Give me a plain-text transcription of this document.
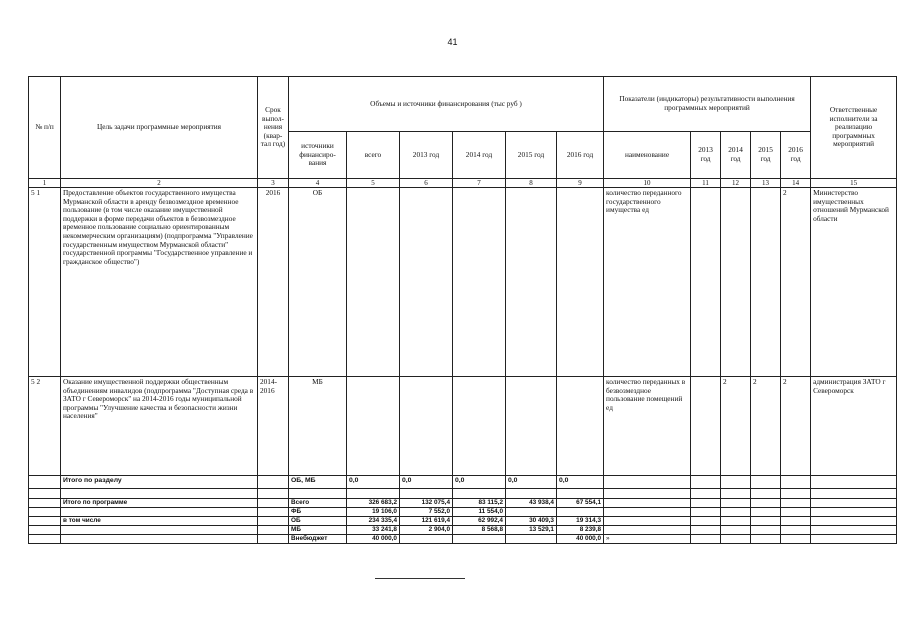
41
№ п/п	Цель задачи программные мероприятия	Срок выпол-нения (квар-тал год)	Объемы и источники финансирования (тыс руб )						Показатели (индикаторы) результативности выполнения программных мероприятий					Ответственные исполнители за реализацию программных мероприятий
			источники финансиро-вания	всего	2013 год	2014 год	2015 год	2016 год	наименование	2013 год	2014 год	2015 год	2016 год	
1	2	3	4	5	6	7	8	9	10	11	12	13	14	15
5 1	Предоставление объектов государственного имущества Мурманской области в аренду безвозмездное временное пользование (в том числе оказание имущественной поддержки в форме передачи объектов в безвозмездное временное пользование социально ориентированным некоммерческим организациям) (подпрограмма "Управление государственным имуществом Мурманской области" государственной программы "Государственное управление и гражданское общество")	2016	ОБ						количество переданного государственного имущества ед				2	Министерство имущественных отношений Мурманской области
5 2	Оказание имущественной поддержки общественным объединениям инвалидов (подпрограмма "Доступная среда в ЗАТО г Североморск" на 2014-2016 годы муниципальной программы "Улучшение качества и безопасности жизни населения"	2014-2016	МБ						количество переданных в безвозмездное пользование помещений ед		2	2	2	администрация ЗАТО г Североморск
	Итого по разделу		ОБ, МБ	0,0	0,0	0,0	0,0	0,0						

	Итого по программе		Всего	326 683,2	132 075,4	83 115,2	43 938,4	67 554,1						
			ФБ	19 106,0	7 552,0	11 554,0								
	в том числе		ОБ	234 335,4	121 619,4	62 992,4	30 409,3	19 314,3						
			МБ	33 241,8	2 904,0	8 568,8	13 529,1	8 239,8						
			Внебюджет	40 000,0				40 000,0	»					
